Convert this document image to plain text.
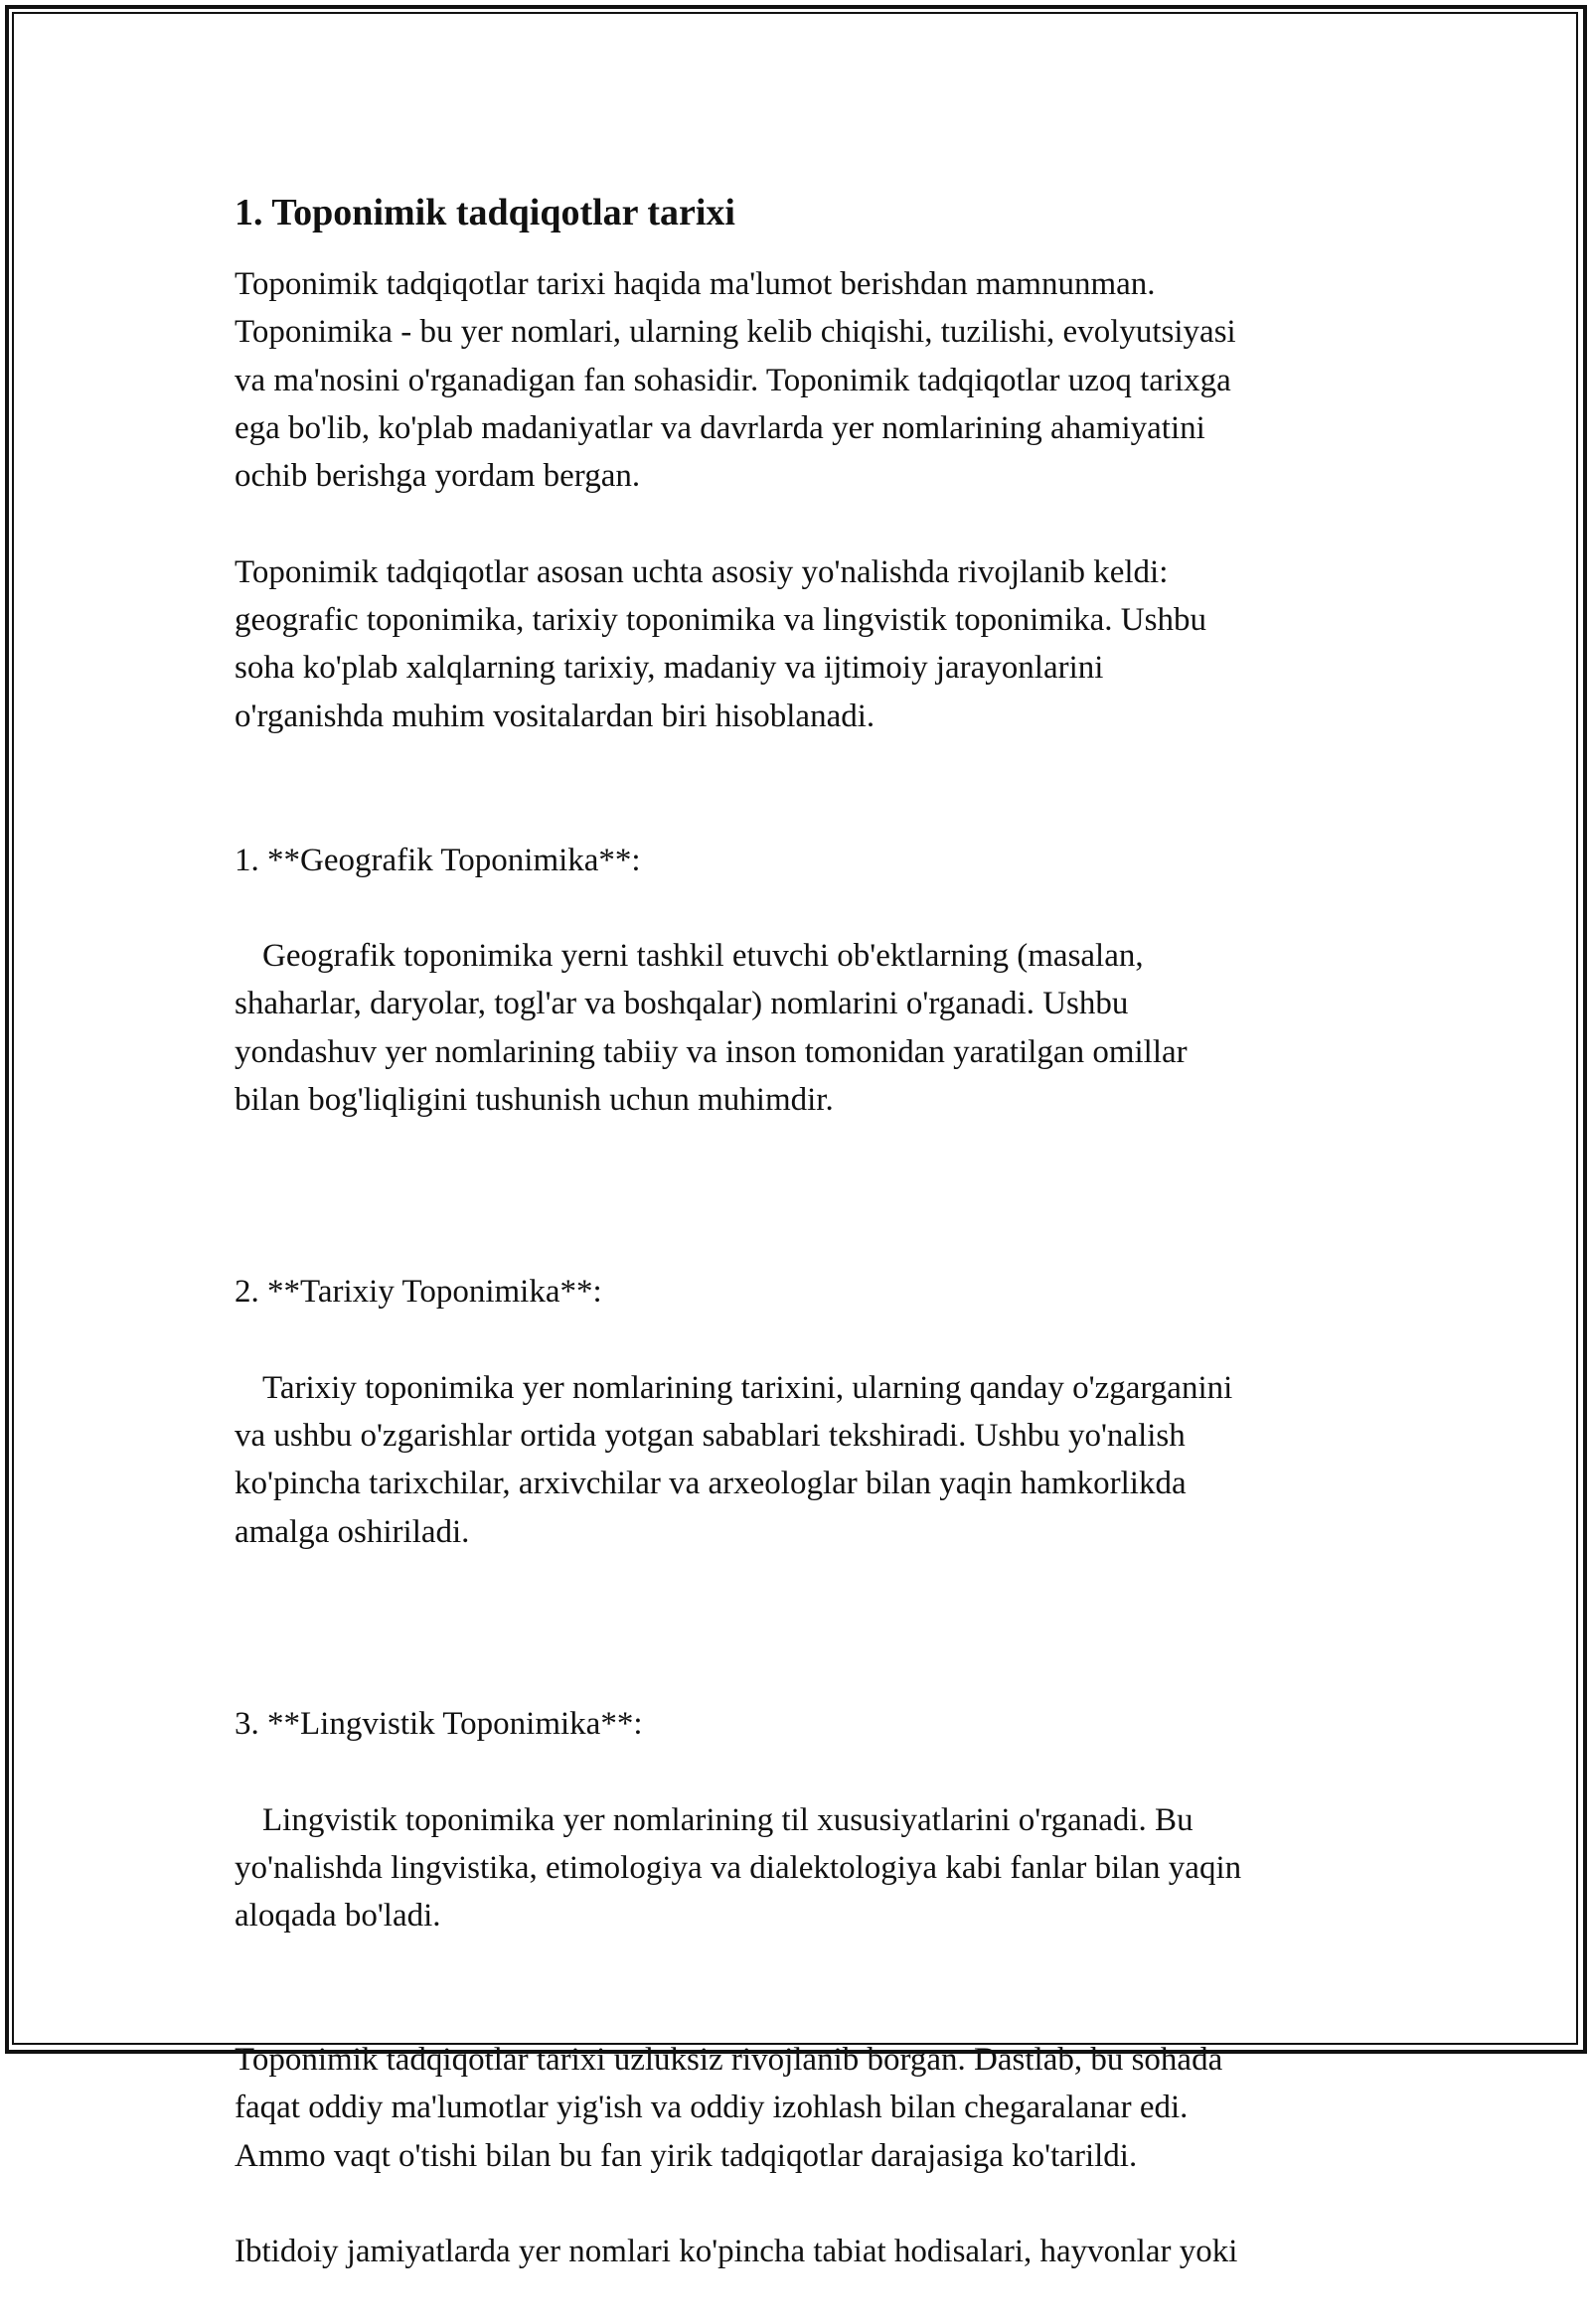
1. Toponimik tadqiqotlar tarixi

Toponimik tadqiqotlar tarixi haqida ma'lumot berishdan mamnunman.
Toponimika - bu yer nomlari, ularning kelib chiqishi, tuzilishi, evolyutsiyasi
va ma'nosini o'rganadigan fan sohasidir. Toponimik tadqiqotlar uzoq tarixga
ega bo'lib, ko'plab madaniyatlar va davrlarda yer nomlarining ahamiyatini
ochib berishga yordam bergan.

Toponimik tadqiqotlar asosan uchta asosiy yo'nalishda rivojlanib keldi:
geografic toponimika, tarixiy toponimika va lingvistik toponimika. Ushbu
soha ko'plab xalqlarning tarixiy, madaniy va ijtimoiy jarayonlarini
o'rganishda muhim vositalardan biri hisoblanadi.

1. **Geografik Toponimika**:

Geografik toponimika yerni tashkil etuvchi ob'ektlarning (masalan,
shaharlar, daryolar, togl'ar va boshqalar) nomlarini o'rganadi. Ushbu
yondashuv yer nomlarining tabiiy va inson tomonidan yaratilgan omillar
bilan bog'liqligini tushunish uchun muhimdir.

2. **Tarixiy Toponimika**:

Tarixiy toponimika yer nomlarining tarixini, ularning qanday o'zgarganini
va ushbu o'zgarishlar ortida yotgan sabablari tekshiradi. Ushbu yo'nalish
ko'pincha tarixchilar, arxivchilar va arxeologlar bilan yaqin hamkorlikda
amalga oshiriladi.

3. **Lingvistik Toponimika**:

Lingvistik toponimika yer nomlarining til xususiyatlarini o'rganadi. Bu
yo'nalishda lingvistika, etimologiya va dialektologiya kabi fanlar bilan yaqin
aloqada bo'ladi.

Toponimik tadqiqotlar tarixi uzluksiz rivojlanib borgan. Dastlab, bu sohada
faqat oddiy ma'lumotlar yig'ish va oddiy izohlash bilan chegaralanar edi.
Ammo vaqt o'tishi bilan bu fan yirik tadqiqotlar darajasiga ko'tarildi.

Ibtidoiy jamiyatlarda yer nomlari ko'pincha tabiat hodisalari, hayvonlar yoki
